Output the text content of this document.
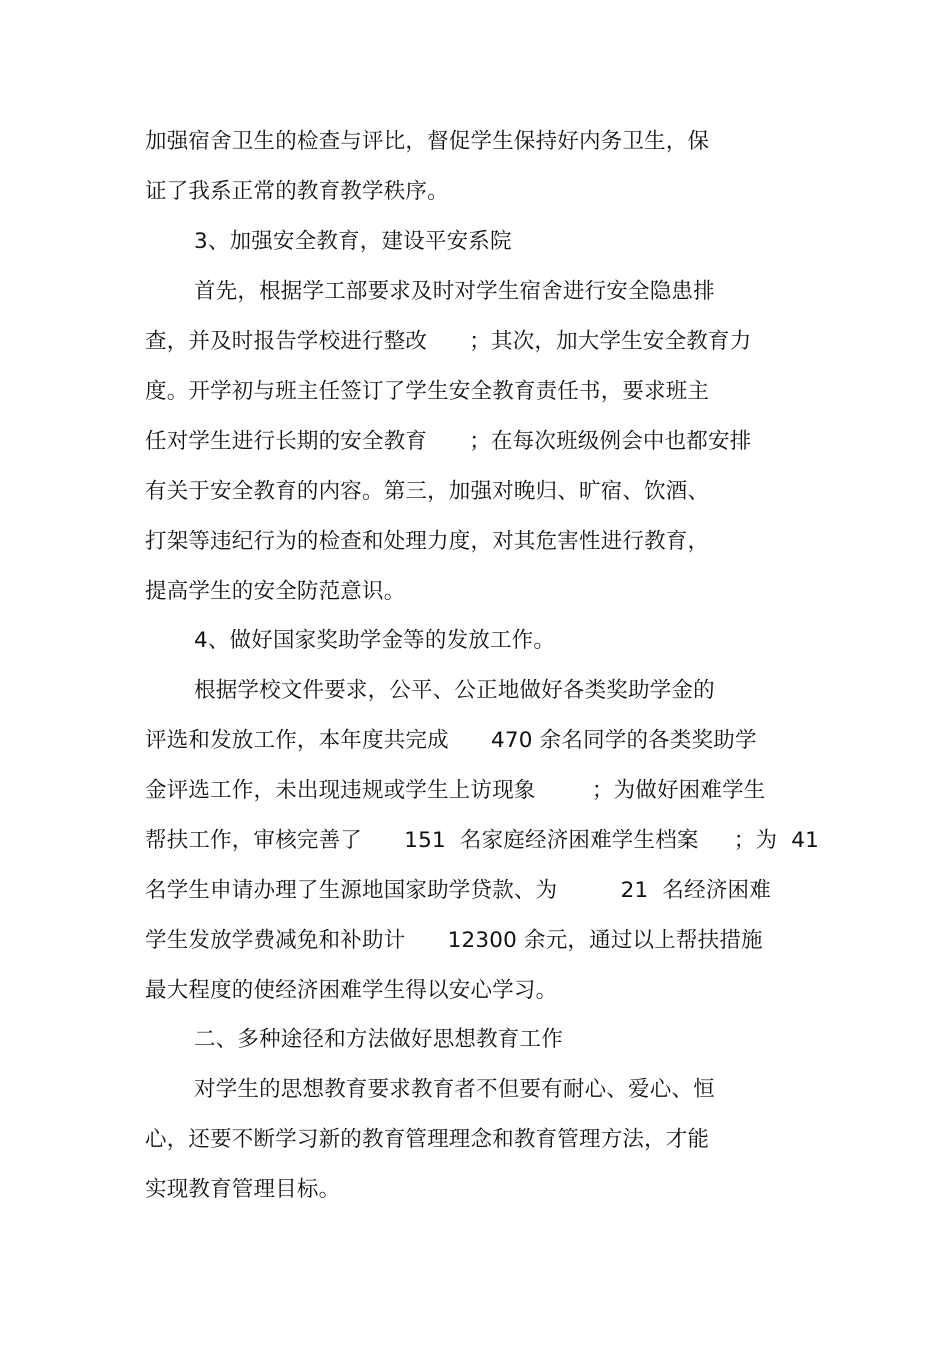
加强宿舍卫生的检查与评比，督促学生保持好内务卫生，保
证了我系正常的教育教学秩序。
3、加强安全教育，建设平安系院
首先，根据学工部要求及时对学生宿舍进行安全隐患排
查，并及时报告学校进行整改      ；其次，加大学生安全教育力
度。开学初与班主任签订了学生安全教育责任书，要求班主
任对学生进行长期的安全教育      ；在每次班级例会中也都安排
有关于安全教育的内容。第三，加强对晚归、旷宿、饮酒、
打架等违纪行为的检查和处理力度，对其危害性进行教育，
提高学生的安全防范意识。
4、做好国家奖助学金等的发放工作。
根据学校文件要求，公平、公正地做好各类奖助学金的
评选和发放工作，本年度共完成      470 余名同学的各类奖助学
金评选工作，未出现违规或学生上访现象        ；为做好困难学生
帮扶工作，审核完善了      151  名家庭经济困难学生档案     ；为  41
名学生申请办理了生源地国家助学贷款、为         21  名经济困难
学生发放学费减免和补助计      12300 余元，通过以上帮扶措施
最大程度的使经济困难学生得以安心学习。
二、多种途径和方法做好思想教育工作
对学生的思想教育要求教育者不但要有耐心、爱心、恒
心，还要不断学习新的教育管理理念和教育管理方法，才能
实现教育管理目标。
